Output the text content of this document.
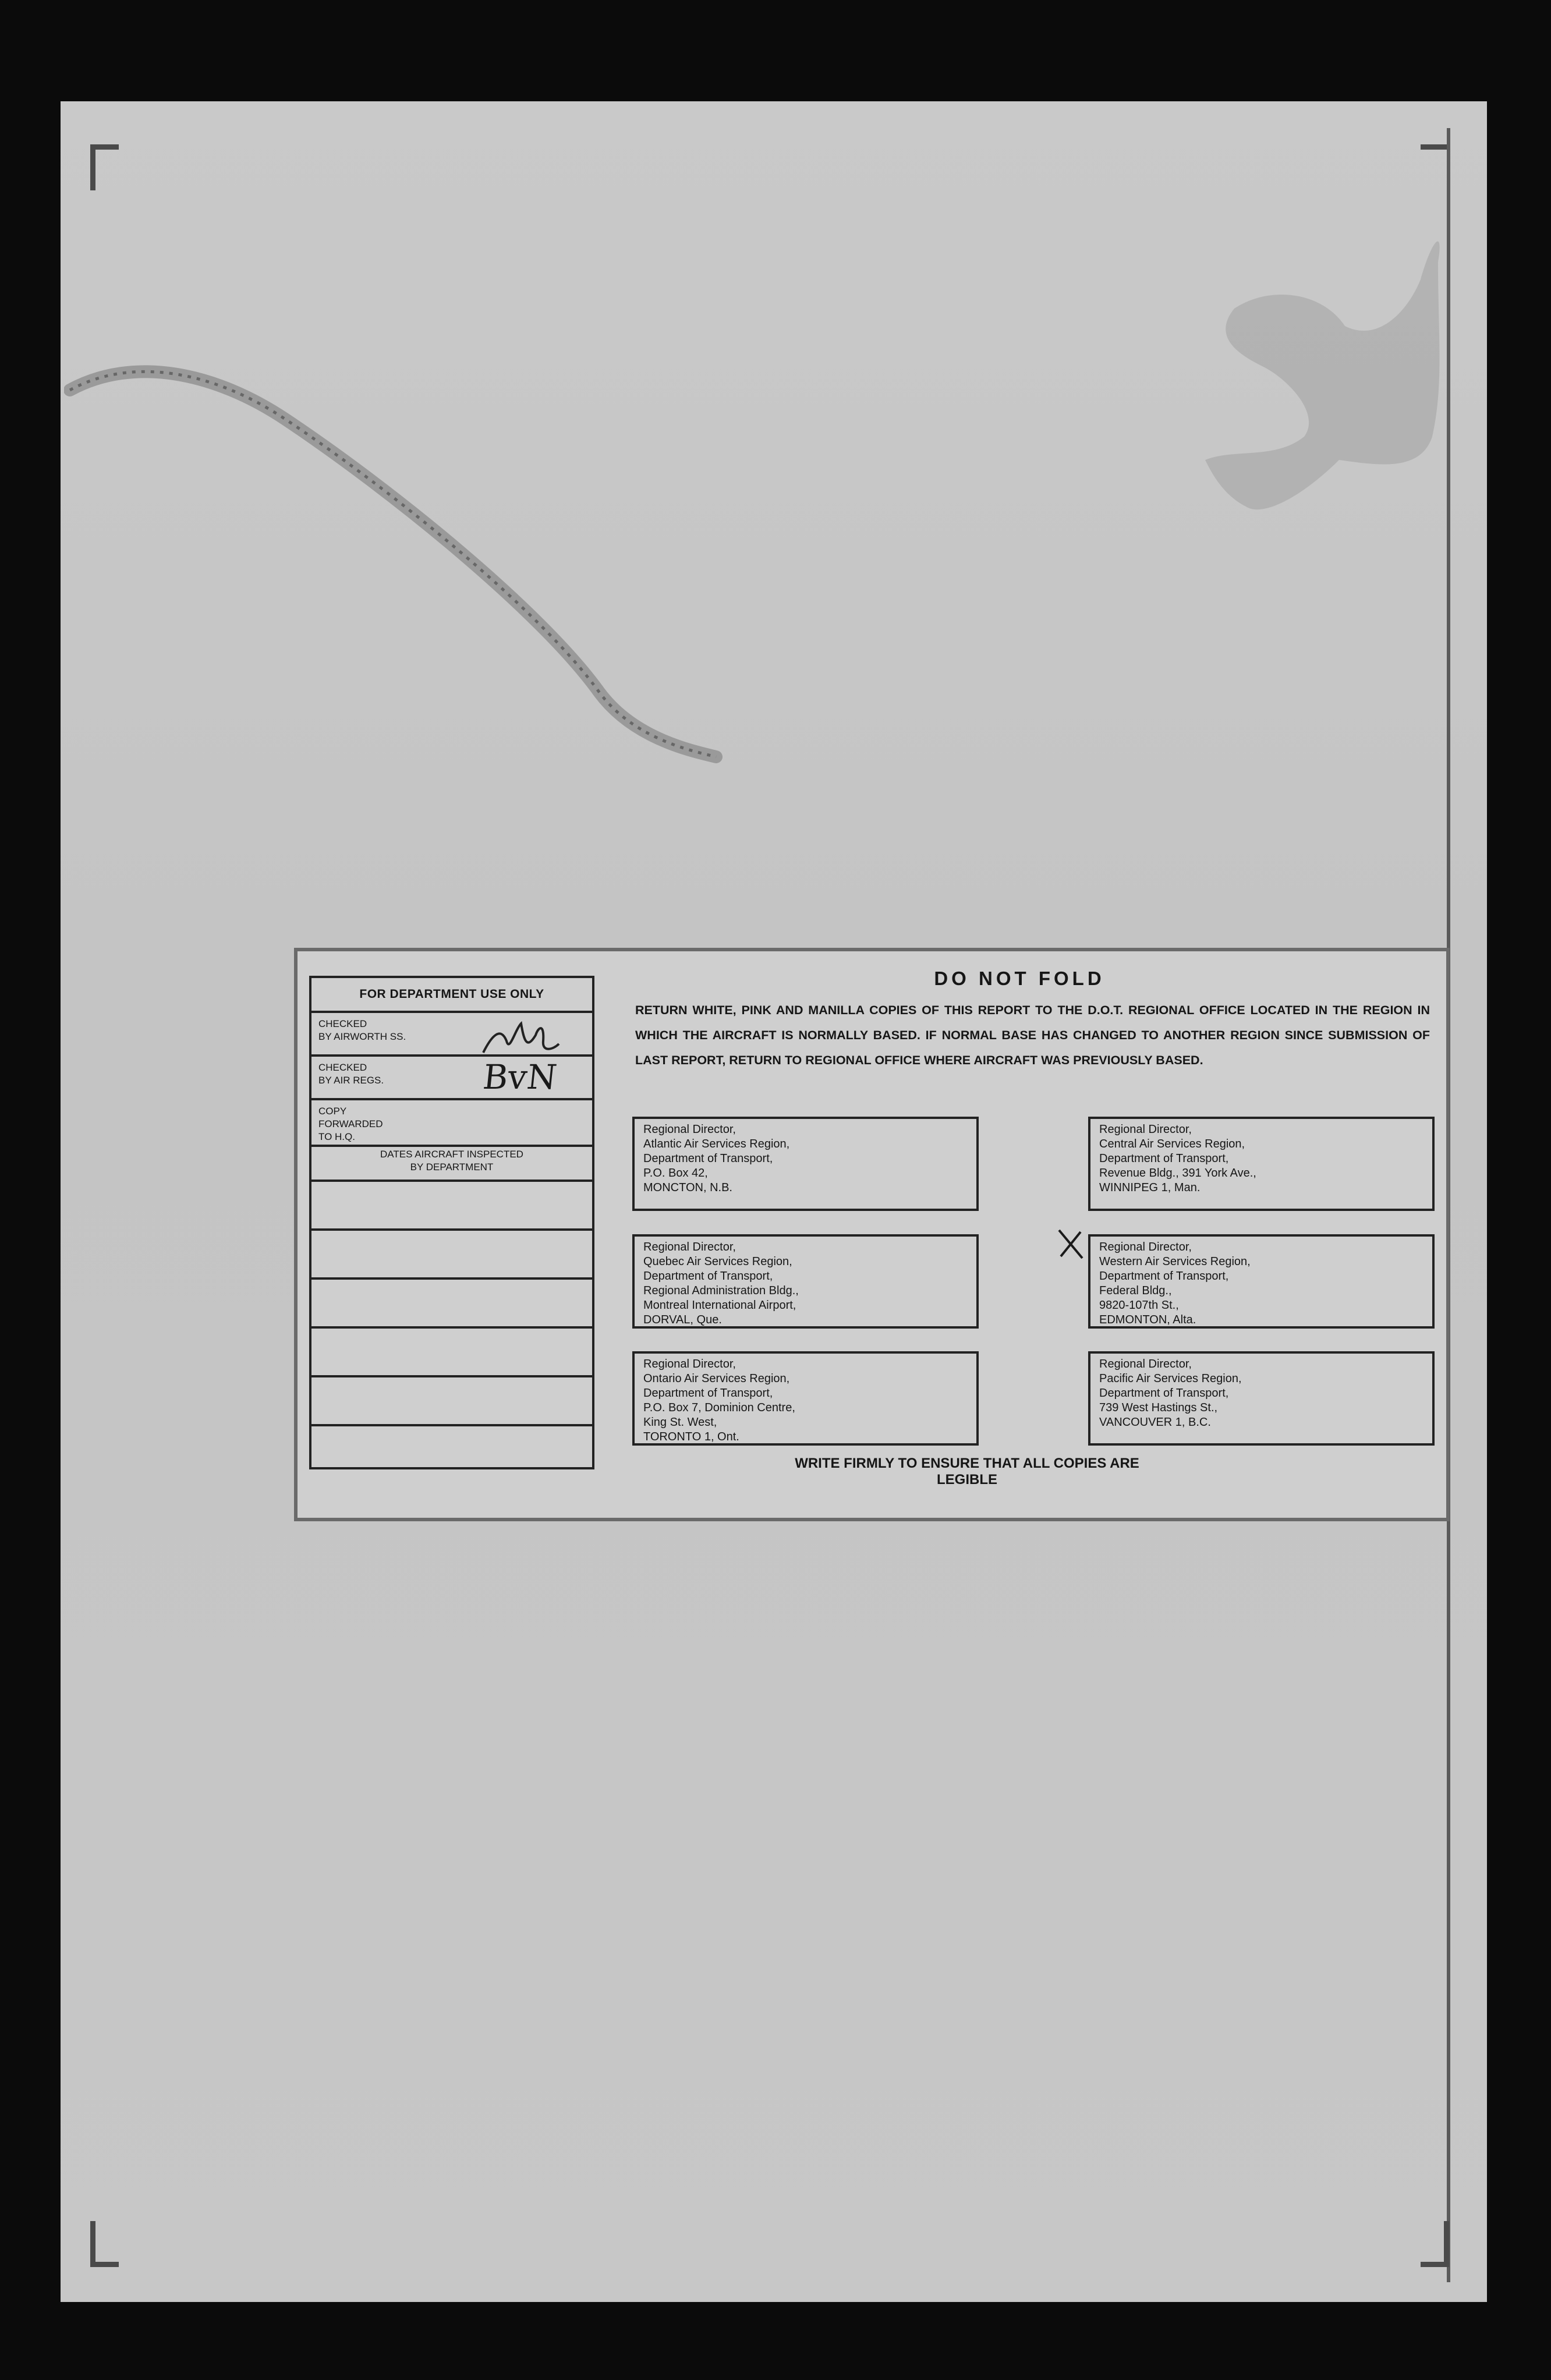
FOR DEPARTMENT USE ONLY
CHECKED
BY AIRWORTH SS.
CHECKED
BY AIR REGS.	BvN
COPY
FORWARDED
TO H.Q.
DATES AIRCRAFT INSPECTED
BY DEPARTMENT
DO NOT FOLD
RETURN WHITE, PINK AND MANILLA COPIES OF THIS REPORT TO THE D.O.T. REGIONAL OFFICE LOCATED IN THE REGION IN WHICH THE AIRCRAFT IS NORMALLY BASED. IF NORMAL BASE HAS CHANGED TO ANOTHER REGION SINCE SUBMISSION OF LAST REPORT, RETURN TO REGIONAL OFFICE WHERE AIRCRAFT WAS PREVIOUSLY BASED.
Regional Director,
Atlantic Air Services Region,
Department of Transport,
P.O. Box 42,
MONCTON, N.B.
Regional Director,
Quebec Air Services Region,
Department of Transport,
Regional Administration Bldg.,
Montreal International Airport,
DORVAL, Que.
Regional Director,
Ontario Air Services Region,
Department of Transport,
P.O. Box 7, Dominion Centre,
King St. West,
TORONTO 1, Ont.
Regional Director,
Central Air Services Region,
Department of Transport,
Revenue Bldg., 391 York Ave.,
WINNIPEG 1, Man.
Regional Director,
Western Air Services Region,
Department of Transport,
Federal Bldg.,
9820-107th St.,
EDMONTON, Alta.
Regional Director,
Pacific Air Services Region,
Department of Transport,
739 West Hastings St.,
VANCOUVER 1, B.C.
WRITE FIRMLY TO ENSURE THAT ALL COPIES ARE LEGIBLE
